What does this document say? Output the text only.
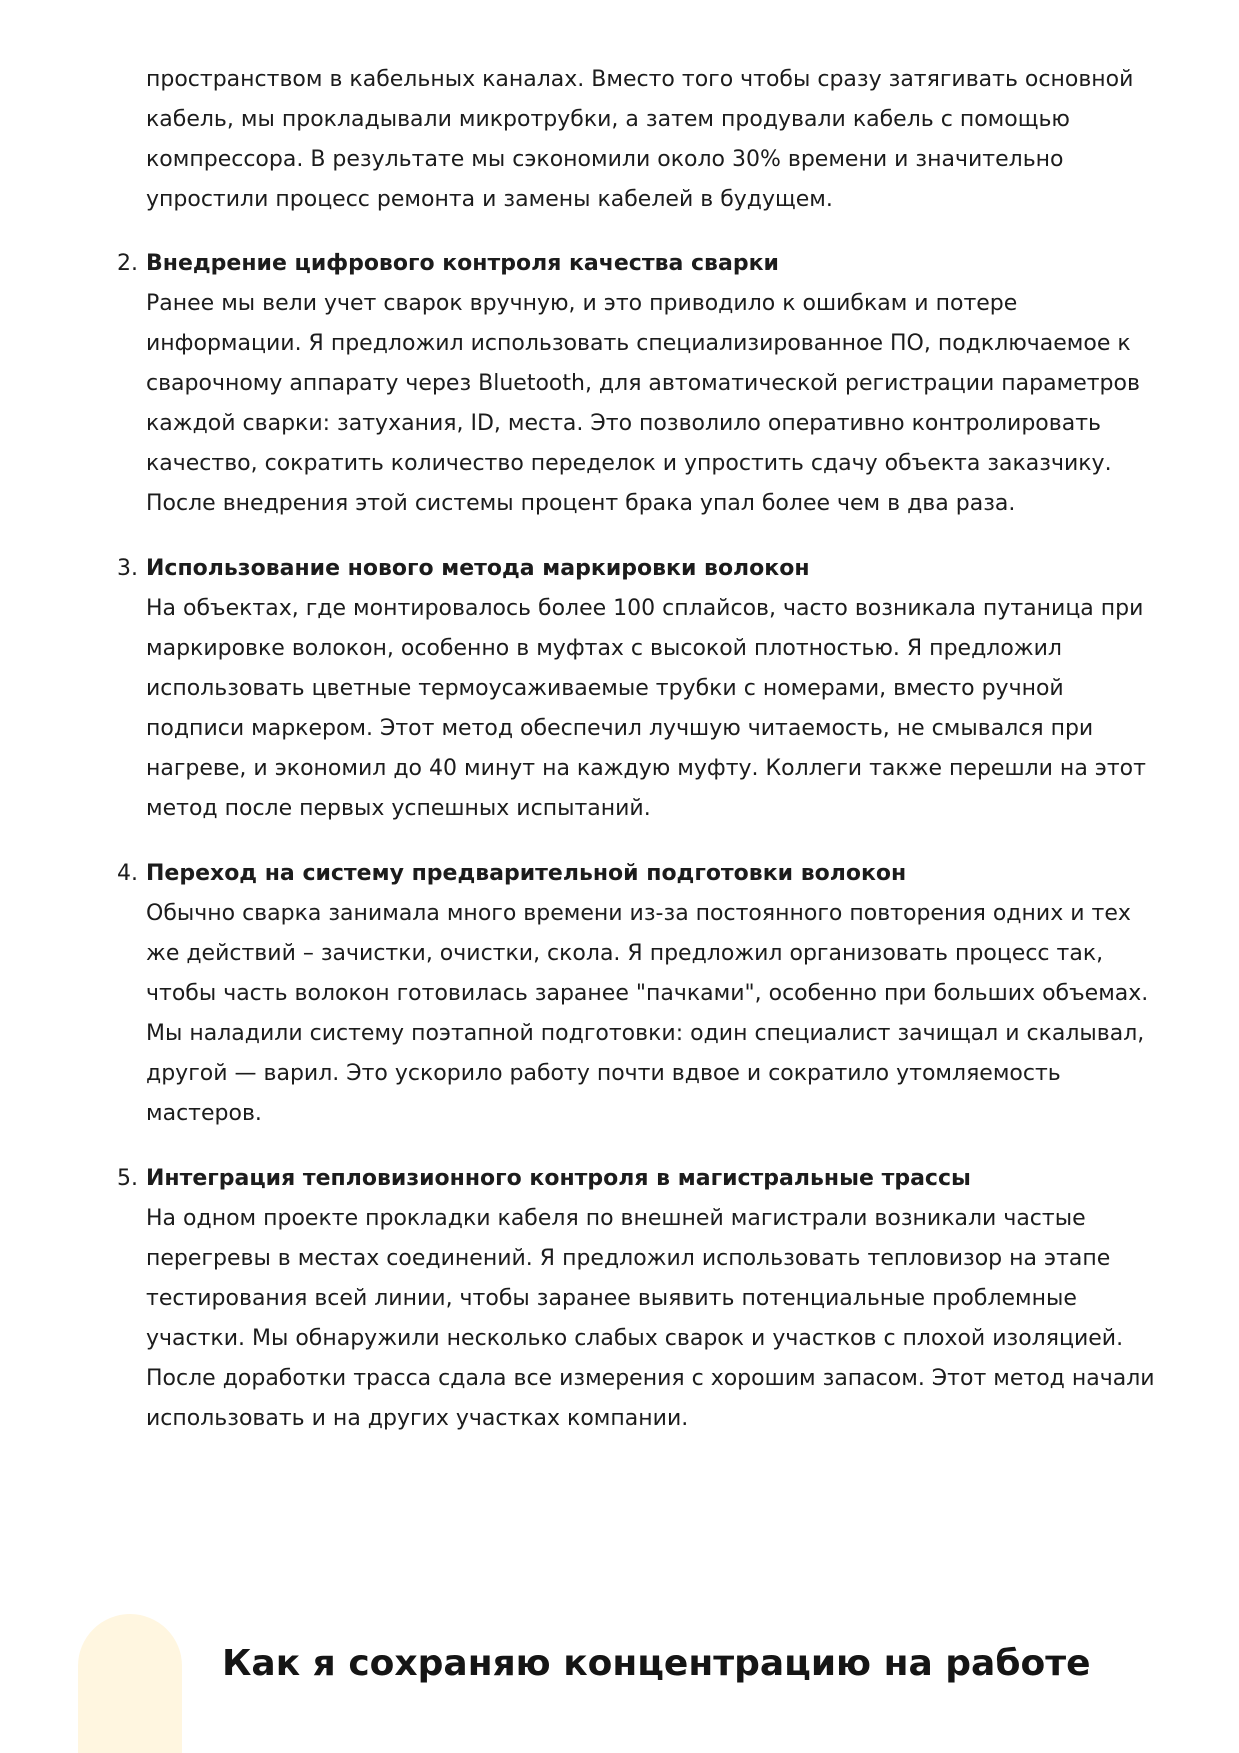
пространством в кабельных каналах. Вместо того чтобы сразу затягивать основной кабель, мы прокладывали микротрубки, а затем продували кабель с помощью компрессора. В результате мы сэкономили около 30% времени и значительно упростили процесс ремонта и замены кабелей в будущем.

2. Внедрение цифрового контроля качества сварки

Ранее мы вели учет сварок вручную, и это приводило к ошибкам и потере информации. Я предложил использовать специализированное ПО, подключаемое к сварочному аппарату через Bluetooth, для автоматической регистрации параметров каждой сварки: затухания, ID, места. Это позволило оперативно контролировать качество, сократить количество переделок и упростить сдачу объекта заказчику. После внедрения этой системы процент брака упал более чем в два раза.

3. Использование нового метода маркировки волокон

На объектах, где монтировалось более 100 сплайсов, часто возникала путаница при маркировке волокон, особенно в муфтах с высокой плотностью. Я предложил использовать цветные термоусаживаемые трубки с номерами, вместо ручной подписи маркером. Этот метод обеспечил лучшую читаемость, не смывался при нагреве, и экономил до 40 минут на каждую муфту. Коллеги также перешли на этот метод после первых успешных испытаний.

4. Переход на систему предварительной подготовки волокон

Обычно сварка занимала много времени из-за постоянного повторения одних и тех же действий – зачистки, очистки, скола. Я предложил организовать процесс так, чтобы часть волокон готовилась заранее "пачками", особенно при больших объемах. Мы наладили систему поэтапной подготовки: один специалист зачищал и скалывал, другой — варил. Это ускорило работу почти вдвое и сократило утомляемость мастеров.

5. Интеграция тепловизионного контроля в магистральные трассы

На одном проекте прокладки кабеля по внешней магистрали возникали частые перегревы в местах соединений. Я предложил использовать тепловизор на этапе тестирования всей линии, чтобы заранее выявить потенциальные проблемные участки. Мы обнаружили несколько слабых сварок и участков с плохой изоляцией. После доработки трасса сдала все измерения с хорошим запасом. Этот метод начали использовать и на других участках компании.

Как я сохраняю концентрацию на работе
